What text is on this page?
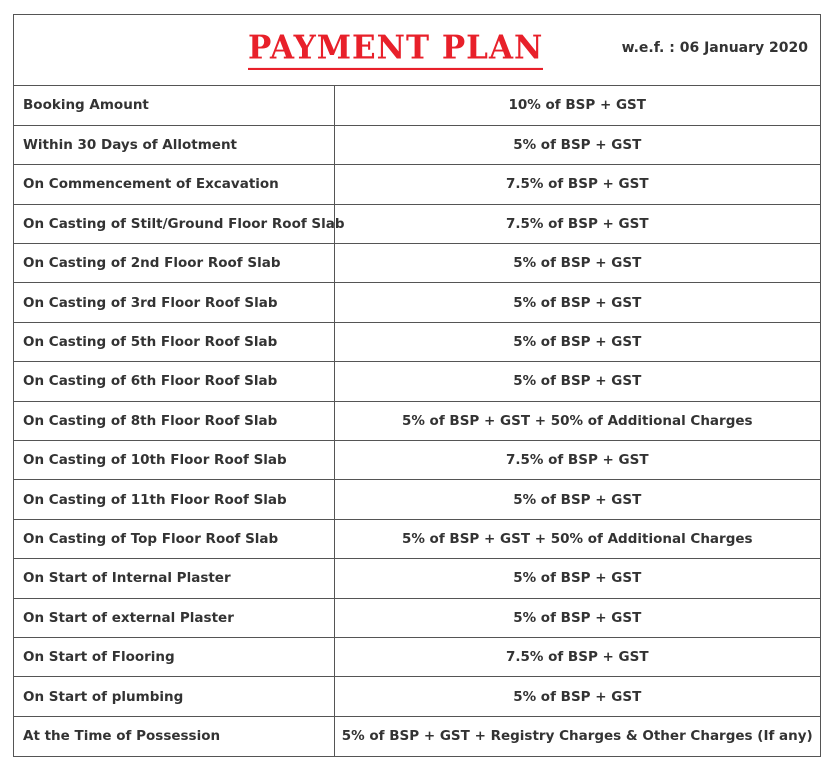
PAYMENT PLAN	w.e.f. : 06 January 2020
Booking Amount	10% of BSP + GST
Within 30 Days of Allotment	5% of BSP + GST
On Commencement of Excavation	7.5% of BSP + GST
On Casting of Stilt/Ground Floor Roof Slab	7.5% of BSP + GST
On Casting of 2nd Floor Roof Slab	5% of BSP + GST
On Casting of 3rd Floor Roof Slab	5% of BSP + GST
On Casting of 5th Floor Roof Slab	5% of BSP + GST
On Casting of 6th Floor Roof Slab	5% of BSP + GST
On Casting of 8th Floor Roof Slab	5% of BSP + GST + 50% of Additional Charges
On Casting of 10th Floor Roof Slab	7.5% of BSP + GST
On Casting of 11th Floor Roof Slab	5% of BSP + GST
On Casting of Top Floor Roof Slab	5% of BSP + GST + 50% of Additional Charges
On Start of Internal Plaster	5% of BSP + GST
On Start of external Plaster	5% of BSP + GST
On Start of Flooring	7.5% of BSP + GST
On Start of plumbing	5% of BSP + GST
At the Time of Possession	5% of BSP + GST + Registry Charges & Other Charges (If any)
